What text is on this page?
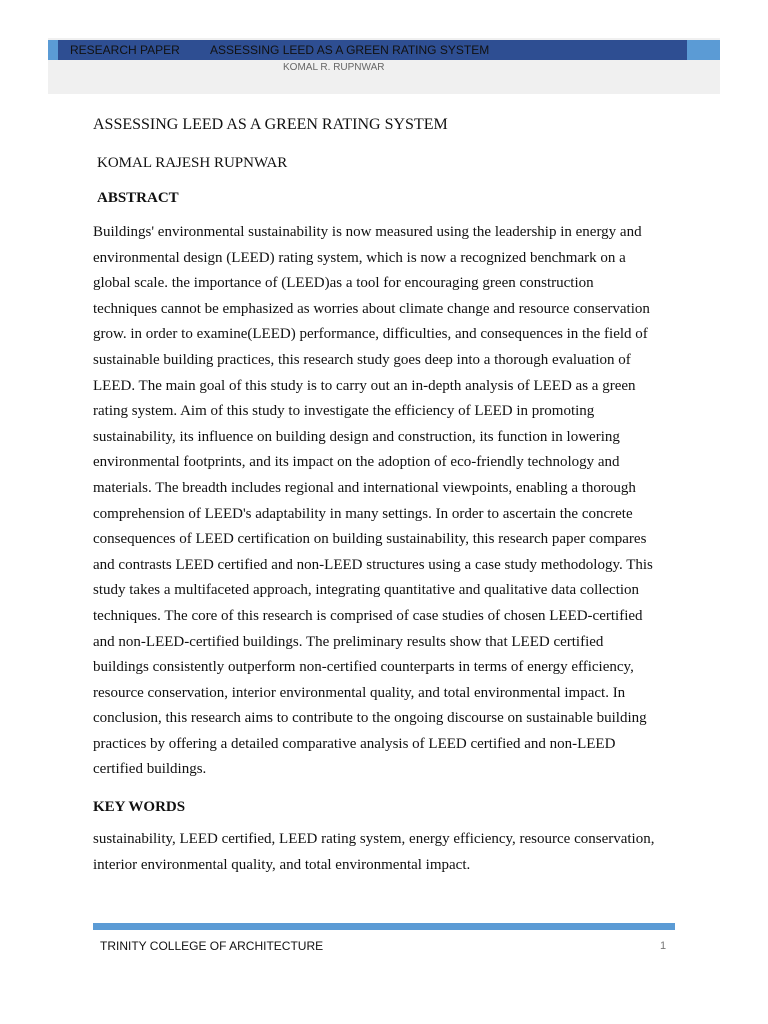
RESEARCH PAPER	ASSESSING LEED AS A GREEN RATING SYSTEM
KOMAL R. RUPNWAR
ASSESSING LEED AS A GREEN RATING SYSTEM
KOMAL RAJESH RUPNWAR
ABSTRACT
Buildings' environmental sustainability is now measured using the leadership in energy and
environmental design (LEED) rating system, which is now a recognized benchmark on a
global scale. the importance of (LEED)as a tool for encouraging green construction
techniques cannot be emphasized as worries about climate change and resource conservation
grow. in order to examine(LEED) performance, difficulties, and consequences in the field of
sustainable building practices, this research study goes deep into a thorough evaluation of
LEED. The main goal of this study is to carry out an in-depth analysis of LEED as a green
rating system. Aim of this study to investigate the efficiency of LEED in promoting
sustainability, its influence on building design and construction, its function in lowering
environmental footprints, and its impact on the adoption of eco-friendly technology and
materials. The breadth includes regional and international viewpoints, enabling a thorough
comprehension of LEED's adaptability in many settings. In order to ascertain the concrete
consequences of LEED certification on building sustainability, this research paper compares
and contrasts LEED certified and non-LEED structures using a case study methodology. This
study takes a multifaceted approach, integrating quantitative and qualitative data collection
techniques. The core of this research is comprised of case studies of chosen LEED-certified
and non-LEED-certified buildings. The preliminary results show that LEED certified
buildings consistently outperform non-certified counterparts in terms of energy efficiency,
resource conservation, interior environmental quality, and total environmental impact. In
conclusion, this research aims to contribute to the ongoing discourse on sustainable building
practices by offering a detailed comparative analysis of LEED certified and non-LEED
certified buildings.
KEY WORDS
sustainability, LEED certified, LEED rating system, energy efficiency, resource conservation,
interior environmental quality, and total environmental impact.
TRINITY COLLEGE OF ARCHITECTURE	1
